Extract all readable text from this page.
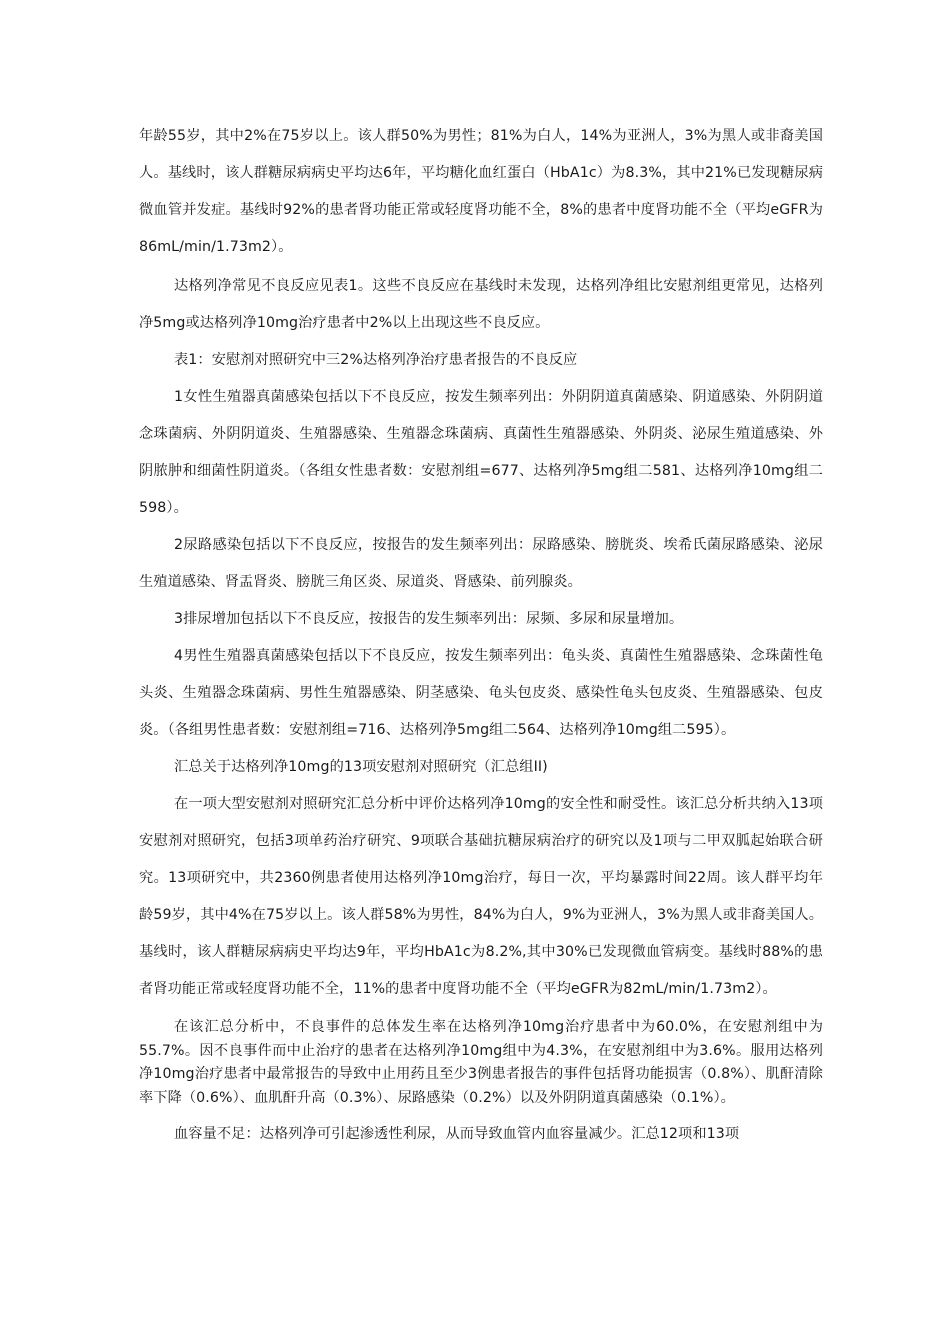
年龄55岁，其中2%在75岁以上。该人群50%为男性；81%为白人，14%为亚洲人，3%为黑人或非裔美国人。基线时，该人群糖尿病病史平均达6年，平均糖化血红蛋白（HbA1c）为8.3%，其中21%已发现糖尿病微血管并发症。基线时92%的患者肾功能正常或轻度肾功能不全，8%的患者中度肾功能不全（平均eGFR为86mL/min/1.73m2）。

达格列净常见不良反应见表1。这些不良反应在基线时未发现，达格列净组比安慰剂组更常见，达格列净5mg或达格列净10mg治疗患者中2%以上出现这些不良反应。

表1：安慰剂对照研究中三2%达格列净治疗患者报告的不良反应

1女性生殖器真菌感染包括以下不良反应，按发生频率列出：外阴阴道真菌感染、阴道感染、外阴阴道念珠菌病、外阴阴道炎、生殖器感染、生殖器念珠菌病、真菌性生殖器感染、外阴炎、泌尿生殖道感染、外阴脓肿和细菌性阴道炎。（各组女性患者数：安慰剂组=677、达格列净5mg组二581、达格列净10mg组二598）。

2尿路感染包括以下不良反应，按报告的发生频率列出：尿路感染、膀胱炎、埃希氏菌尿路感染、泌尿生殖道感染、肾盂肾炎、膀胱三角区炎、尿道炎、肾感染、前列腺炎。

3排尿增加包括以下不良反应，按报告的发生频率列出：尿频、多尿和尿量增加。

4男性生殖器真菌感染包括以下不良反应，按发生频率列出：龟头炎、真菌性生殖器感染、念珠菌性龟头炎、生殖器念珠菌病、男性生殖器感染、阴茎感染、龟头包皮炎、感染性龟头包皮炎、生殖器感染、包皮炎。（各组男性患者数：安慰剂组=716、达格列净5mg组二564、达格列净10mg组二595）。

汇总关于达格列净10mg的13项安慰剂对照研究（汇总组II)

在一项大型安慰剂对照研究汇总分析中评价达格列净10mg的安全性和耐受性。该汇总分析共纳入13项安慰剂对照研究，包括3项单药治疗研究、9项联合基础抗糖尿病治疗的研究以及1项与二甲双胍起始联合研究。13项研究中，共2360例患者使用达格列净10mg治疗，每日一次，平均暴露时间22周。该人群平均年龄59岁，其中4%在75岁以上。该人群58%为男性，84%为白人，9%为亚洲人，3%为黑人或非裔美国人。基线时，该人群糖尿病病史平均达9年，平均HbA1c为8.2%,其中30%已发现微血管病变。基线时88%的患者肾功能正常或轻度肾功能不全，11%的患者中度肾功能不全（平均eGFR为82mL/min/1.73m2）。

在该汇总分析中，不良事件的总体发生率在达格列净10mg治疗患者中为60.0%，在安慰剂组中为55.7%。因不良事件而中止治疗的患者在达格列净10mg组中为4.3%，在安慰剂组中为3.6%。服用达格列净10mg治疗患者中最常报告的导致中止用药且至少3例患者报告的事件包括肾功能损害（0.8%）、肌酐清除率下降（0.6%）、血肌酐升高（0.3%）、尿路感染（0.2%）以及外阴阴道真菌感染（0.1%）。

血容量不足：达格列净可引起渗透性利尿，从而导致血管内血容量减少。汇总12项和13项
